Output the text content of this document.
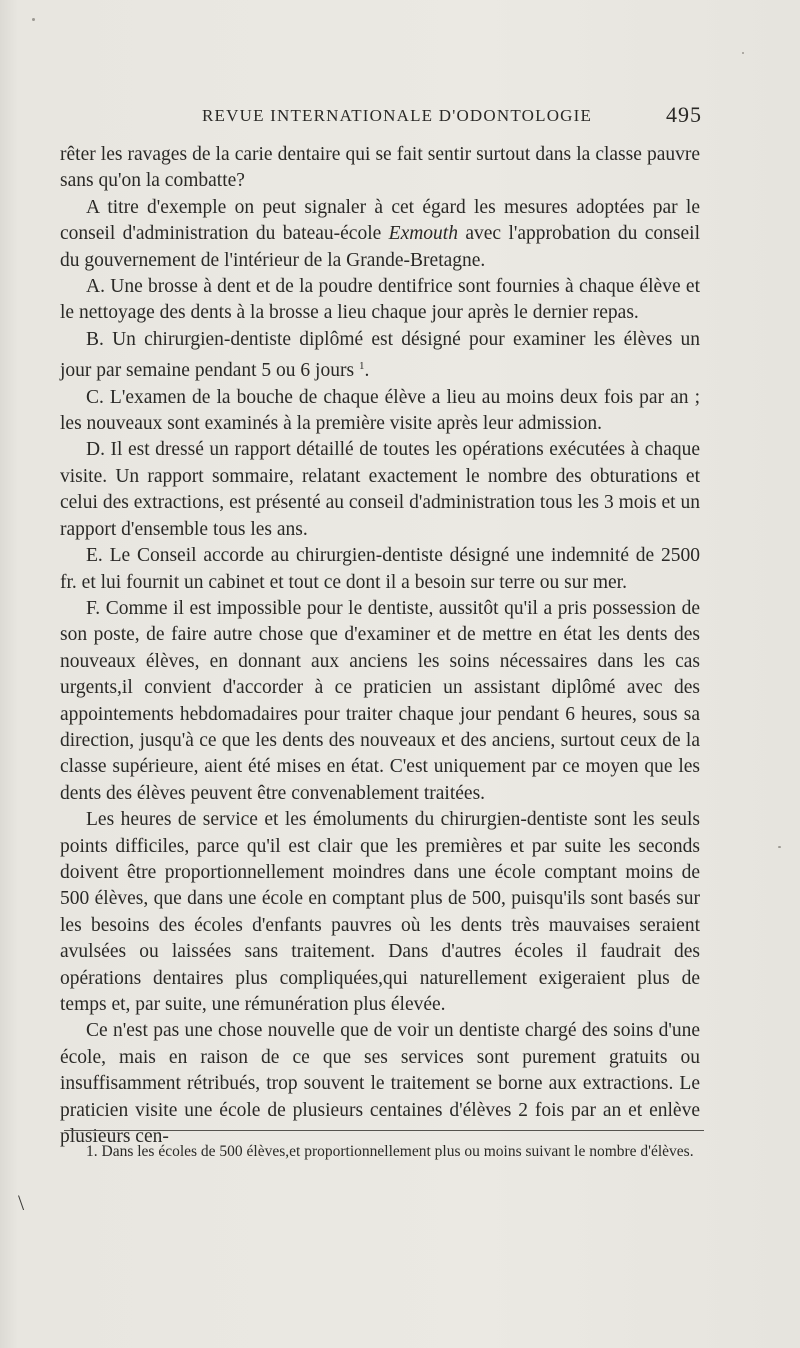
REVUE INTERNATIONALE D'ODONTOLOGIE	495

rêter les ravages de la carie dentaire qui se fait sentir surtout dans la classe pauvre sans qu'on la combatte?

A titre d'exemple on peut signaler à cet égard les mesures adoptées par le conseil d'administration du bateau-école Exmouth avec l'approbation du conseil du gouvernement de l'intérieur de la Grande-Bretagne.

A. Une brosse à dent et de la poudre dentifrice sont fournies à chaque élève et le nettoyage des dents à la brosse a lieu chaque jour après le dernier repas.

B. Un chirurgien-dentiste diplômé est désigné pour examiner les élèves un jour par semaine pendant 5 ou 6 jours $^1$.

C. L'examen de la bouche de chaque élève a lieu au moins deux fois par an ; les nouveaux sont examinés à la première visite après leur admission.

D. Il est dressé un rapport détaillé de toutes les opérations exécutées à chaque visite. Un rapport sommaire, relatant exactement le nombre des obturations et celui des extractions, est présenté au conseil d'administration tous les 3 mois et un rapport d'ensemble tous les ans.

E. Le Conseil accorde au chirurgien-dentiste désigné une indemnité de 2500 fr. et lui fournit un cabinet et tout ce dont il a besoin sur terre ou sur mer.

F. Comme il est impossible pour le dentiste, aussitôt qu'il a pris possession de son poste, de faire autre chose que d'examiner et de mettre en état les dents des nouveaux élèves, en donnant aux anciens les soins nécessaires dans les cas urgents,il convient d'accorder à ce praticien un assistant diplômé avec des appointements hebdomadaires pour traiter chaque jour pendant 6 heures, sous sa direction, jusqu'à ce que les dents des nouveaux et des anciens, surtout ceux de la classe supérieure, aient été mises en état. C'est uniquement par ce moyen que les dents des élèves peuvent être convenablement traitées.

Les heures de service et les émoluments du chirurgien-dentiste sont les seuls points difficiles, parce qu'il est clair que les premières et par suite les seconds doivent être proportionnellement moindres dans une école comptant moins de 500 élèves, que dans une école en comptant plus de 500, puisqu'ils sont basés sur les besoins des écoles d'enfants pauvres où les dents très mauvaises seraient avulsées ou laissées sans traitement. Dans d'autres écoles il faudrait des opérations dentaires plus compliquées,qui naturellement exigeraient plus de temps et, par suite, une rémunération plus élevée.

Ce n'est pas une chose nouvelle que de voir un dentiste chargé des soins d'une école, mais en raison de ce que ses services sont purement gratuits ou insuffisamment rétribués, trop souvent le traitement se borne aux extractions. Le praticien visite une école de plusieurs centaines d'élèves 2 fois par an et enlève plusieurs cen-

1. Dans les écoles de 500 élèves,et proportionnellement plus ou moins suivant le nombre d'élèves.
\
